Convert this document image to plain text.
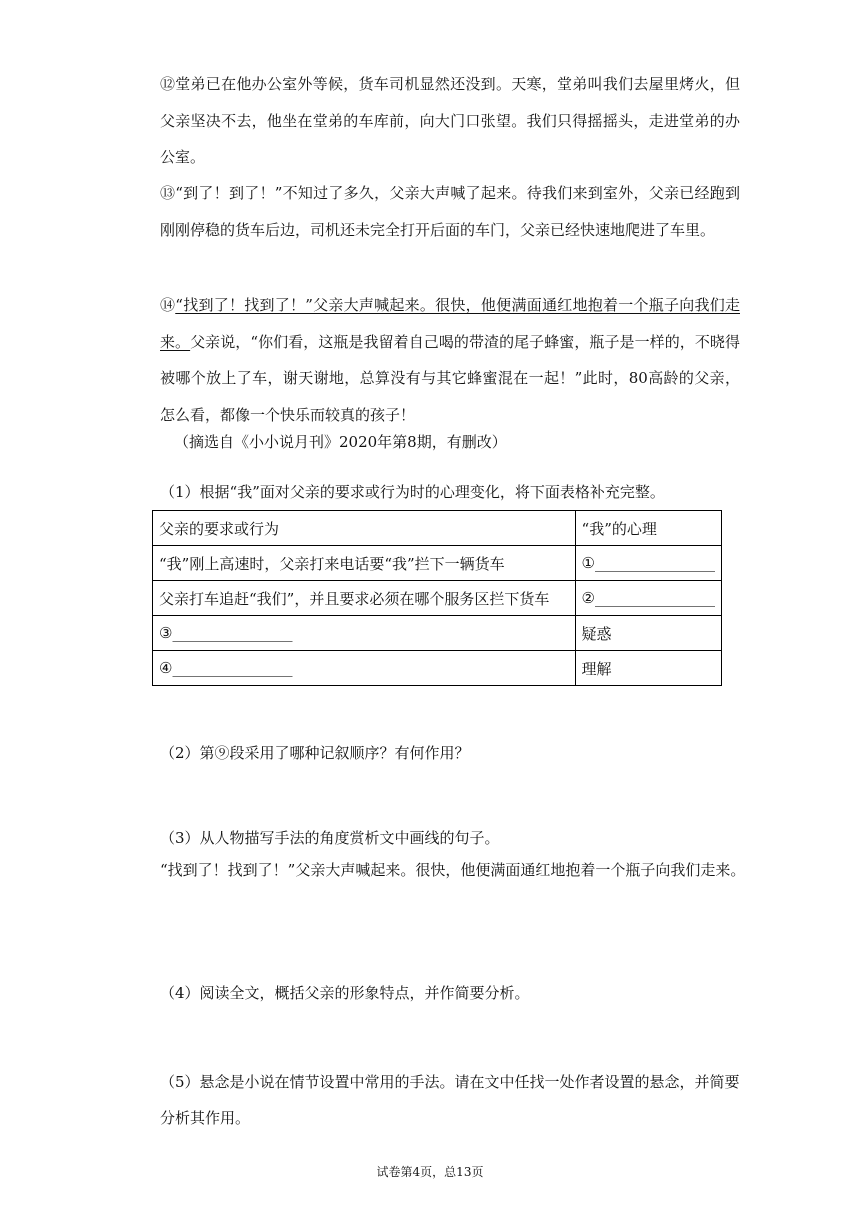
⑫堂弟已在他办公室外等候，货车司机显然还没到。天寒，堂弟叫我们去屋里烤火，但父亲坚决不去，他坐在堂弟的车库前，向大门口张望。我们只得摇摇头，走进堂弟的办公室。

⑬“到了！到了！”不知过了多久，父亲大声喊了起来。待我们来到室外，父亲已经跑到刚刚停稳的货车后边，司机还未完全打开后面的车门，父亲已经快速地爬进了车里。

⑭“找到了！找到了！”父亲大声喊起来。很快，他便满面通红地抱着一个瓶子向我们走来。父亲说，“你们看，这瓶是我留着自己喝的带渣的尾子蜂蜜，瓶子是一样的，不晓得被哪个放上了车，谢天谢地，总算没有与其它蜂蜜混在一起！”此时，80高龄的父亲，怎么看，都像一个快乐而较真的孩子！

（摘选自《小小说月刊》2020年第8期，有删改）

（1）根据“我”面对父亲的要求或行为时的心理变化，将下面表格补充完整。

父亲的要求或行为	“我”的心理
“我”刚上高速时，父亲打来电话要“我”拦下一辆货车	①________________
父亲打车追赶“我们”，并且要求必须在哪个服务区拦下货车	②________________
③________________	疑惑
④________________	理解

（2）第⑨段采用了哪种记叙顺序？有何作用？

（3）从人物描写手法的角度赏析文中画线的句子。

“找到了！找到了！”父亲大声喊起来。很快，他便满面通红地抱着一个瓶子向我们走来。

（4）阅读全文，概括父亲的形象特点，并作简要分析。

（5）悬念是小说在情节设置中常用的手法。请在文中任找一处作者设置的悬念，并简要分析其作用。

试卷第4页，总13页
